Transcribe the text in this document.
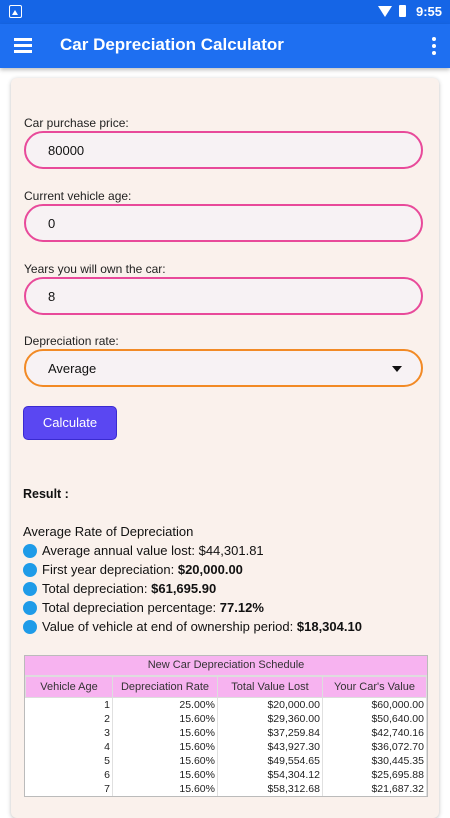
9:55
Car Depreciation Calculator
Car purchase price:
80000
Current vehicle age:
0
Years you will own the car:
8
Depreciation rate:
Average
Calculate
Result :
Average Rate of Depreciation
Average annual value lost: $44,301.81
First year depreciation: $20,000.00
Total depreciation: $61,695.90
Total depreciation percentage: 77.12%
Value of vehicle at end of ownership period: $18,304.10
New Car Depreciation Schedule
Vehicle Age	Depreciation Rate	Total Value Lost	Your Car's Value
1	25.00%	$20,000.00	$60,000.00
2	15.60%	$29,360.00	$50,640.00
3	15.60%	$37,259.84	$42,740.16
4	15.60%	$43,927.30	$36,072.70
5	15.60%	$49,554.65	$30,445.35
6	15.60%	$54,304.12	$25,695.88
7	15.60%	$58,312.68	$21,687.32
